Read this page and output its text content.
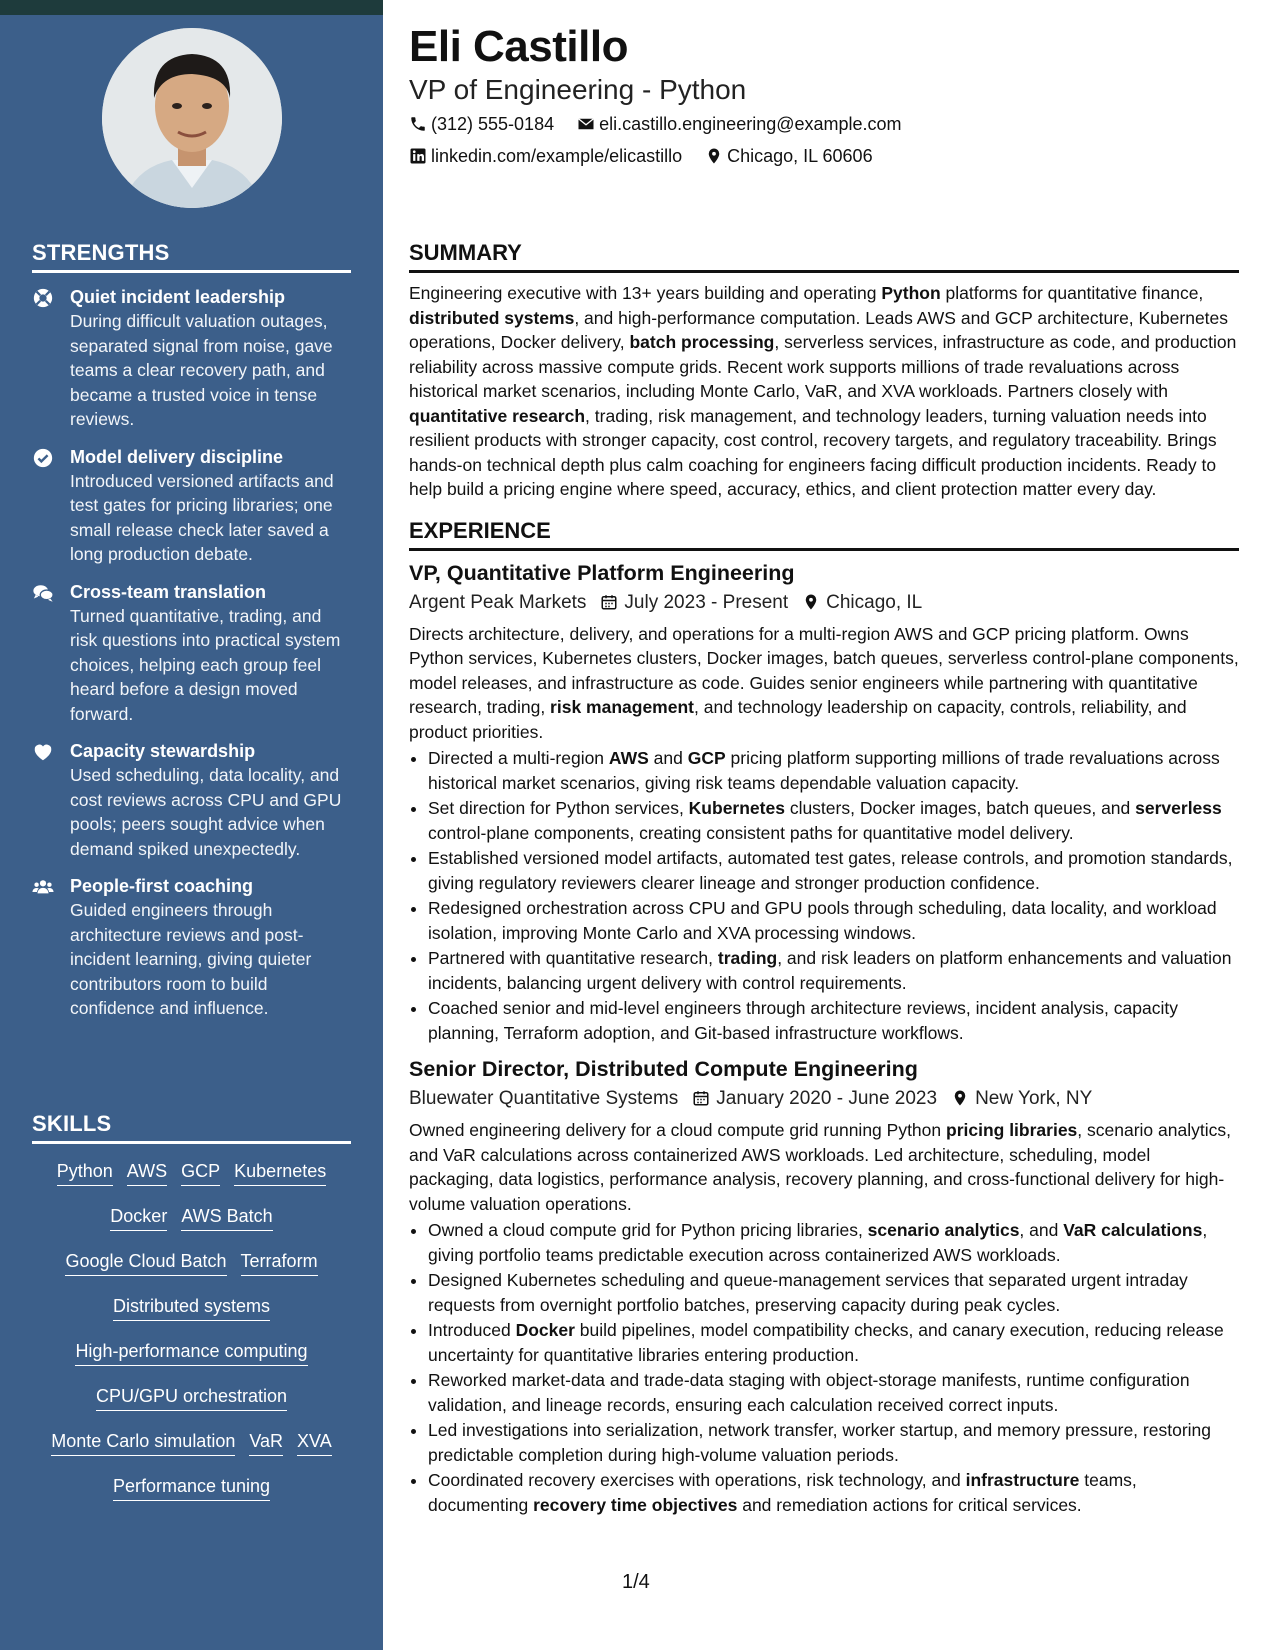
STRENGTHS
Quiet incident leadership
During difficult valuation outages, separated signal from noise, gave teams a clear recovery path, and became a trusted voice in tense reviews.
Model delivery discipline
Introduced versioned artifacts and test gates for pricing libraries; one small release check later saved a long production debate.
Cross-team translation
Turned quantitative, trading, and risk questions into practical system choices, helping each group feel heard before a design moved forward.
Capacity stewardship
Used scheduling, data locality, and cost reviews across CPU and GPU pools; peers sought advice when demand spiked unexpectedly.
People-first coaching
Guided engineers through architecture reviews and post-incident learning, giving quieter contributors room to build confidence and influence.
SKILLS
Python AWS GCP Kubernetes
Docker AWS Batch
Google Cloud Batch Terraform
Distributed systems
High-performance computing
CPU/GPU orchestration
Monte Carlo simulation VaR XVA
Performance tuning
Eli Castillo
VP of Engineering - Python
(312) 555-0184	eli.castillo.engineering@example.com
linkedin.com/example/elicastillo	Chicago, IL 60606
SUMMARY

Engineering executive with 13+ years building and operating Python platforms for quantitative finance, distributed systems, and high-performance computation. Leads AWS and GCP architecture, Kubernetes operations, Docker delivery, batch processing, serverless services, infrastructure as code, and production reliability across massive compute grids. Recent work supports millions of trade revaluations across historical market scenarios, including Monte Carlo, VaR, and XVA workloads. Partners closely with quantitative research, trading, risk management, and technology leaders, turning valuation needs into resilient products with stronger capacity, cost control, recovery targets, and regulatory traceability. Brings hands-on technical depth plus calm coaching for engineers facing difficult production incidents. Ready to help build a pricing engine where speed, accuracy, ethics, and client protection matter every day.

EXPERIENCE
VP, Quantitative Platform Engineering
Argent Peak Markets July 2023 - Present Chicago, IL

Directs architecture, delivery, and operations for a multi-region AWS and GCP pricing platform. Owns Python services, Kubernetes clusters, Docker images, batch queues, serverless control-plane components, model releases, and infrastructure as code. Guides senior engineers while partnering with quantitative research, trading, risk management, and technology leadership on capacity, controls, reliability, and product priorities.

• Directed a multi-region AWS and GCP pricing platform supporting millions of trade revaluations across historical market scenarios, giving risk teams dependable valuation capacity.
• Set direction for Python services, Kubernetes clusters, Docker images, batch queues, and serverless control-plane components, creating consistent paths for quantitative model delivery.
• Established versioned model artifacts, automated test gates, release controls, and promotion standards, giving regulatory reviewers clearer lineage and stronger production confidence.
• Redesigned orchestration across CPU and GPU pools through scheduling, data locality, and workload isolation, improving Monte Carlo and XVA processing windows.
• Partnered with quantitative research, trading, and risk leaders on platform enhancements and valuation incidents, balancing urgent delivery with control requirements.
• Coached senior and mid-level engineers through architecture reviews, incident analysis, capacity planning, Terraform adoption, and Git-based infrastructure workflows.
Senior Director, Distributed Compute Engineering
Bluewater Quantitative Systems January 2020 - June 2023 New York, NY

Owned engineering delivery for a cloud compute grid running Python pricing libraries, scenario analytics, and VaR calculations across containerized AWS workloads. Led architecture, scheduling, model packaging, data logistics, performance analysis, recovery planning, and cross-functional delivery for high-volume valuation operations.

• Owned a cloud compute grid for Python pricing libraries, scenario analytics, and VaR calculations, giving portfolio teams predictable execution across containerized AWS workloads.
• Designed Kubernetes scheduling and queue-management services that separated urgent intraday requests from overnight portfolio batches, preserving capacity during peak cycles.
• Introduced Docker build pipelines, model compatibility checks, and canary execution, reducing release uncertainty for quantitative libraries entering production.
• Reworked market-data and trade-data staging with object-storage manifests, runtime configuration validation, and lineage records, ensuring each calculation received correct inputs.
• Led investigations into serialization, network transfer, worker startup, and memory pressure, restoring predictable completion during high-volume valuation periods.
• Coordinated recovery exercises with operations, risk technology, and infrastructure teams, documenting recovery time objectives and remediation actions for critical services.
1/4
